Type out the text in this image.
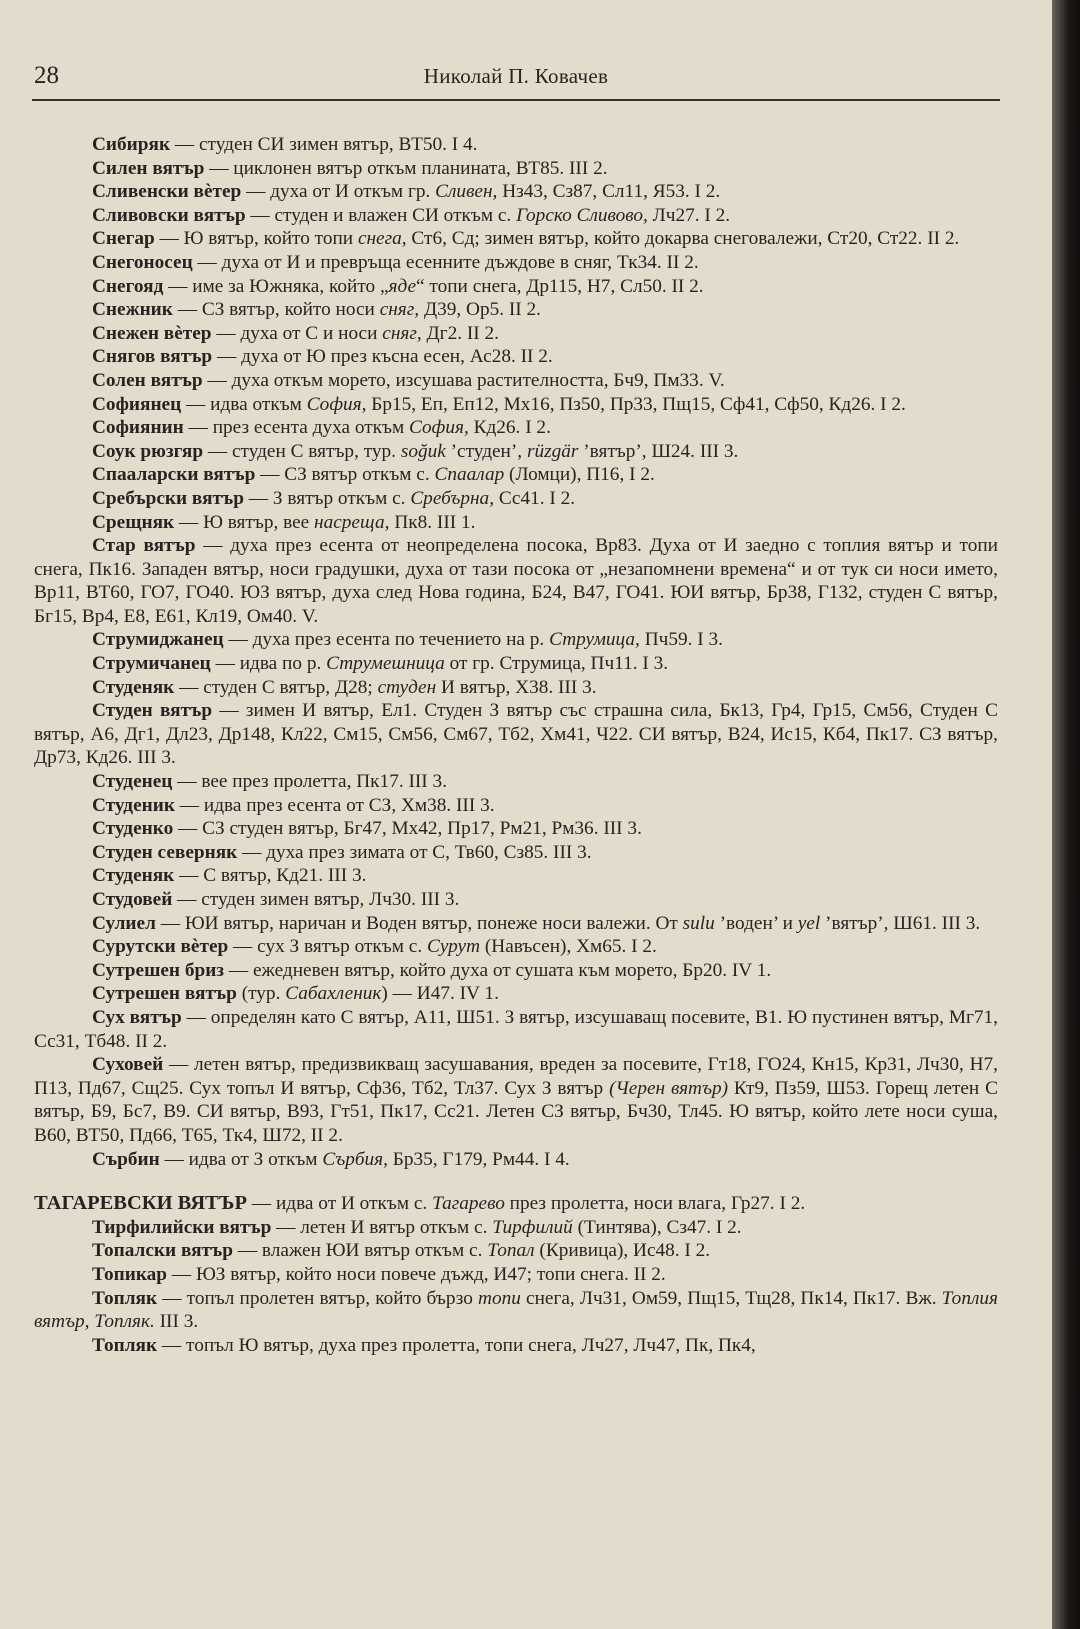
28	Николай П. Ковачев

Сибиряк — студен СИ зимен вятър, ВТ50. I 4.

Силен вятър — циклонен вятър откъм планината, ВТ85. III 2.

Сливенски вѐтер — духа от И откъм гр. Сливен, Нз43, Сз87, Сл11, Я53. I 2.

Сливовски вятър — студен и влажен СИ откъм с. Горско Сливово, Лч27. I 2.

Снегар — Ю вятър, който топи снега, Ст6, Сд; зимен вятър, който докарва снеговалежи, Ст20, Ст22. II 2.

Снегоносец — духа от И и превръща есенните дъждове в сняг, Тк34. II 2.

Снегояд — име за Южняка, който „яде“ топи снега, Др115, Н7, Сл50. II 2.

Снежник — СЗ вятър, който носи сняг, Д39, Ор5. II 2.

Снежен вѐтер — духа от С и носи сняг, Дг2. II 2.

Снягов вятър — духа от Ю през късна есен, Ас28. II 2.

Солен вятър — духа откъм морето, изсушава растителността, Бч9, Пм33. V.

Софиянец — идва откъм София, Бр15, Еп, Еп12, Мх16, Пз50, Пр33, Пщ15, Сф41, Сф50, Кд26. I 2.

Софиянин — през есента духа откъм София, Кд26. I 2.

Соук рюзгяр — студен С вятър, тур. soğuk ’студен’, rüzgär ’вятър’, Ш24. III 3.

Спааларски вятър — СЗ вятър откъм с. Спаалар (Ломци), П16, I 2.

Сребърски вятър — З вятър откъм с. Сребърна, Сс41. I 2.

Срещняк — Ю вятър, вее насреща, Пк8. III 1.

Стар вятър — духа през есента от неопределена посока, Вр83. Духа от И заедно с топлия вятър и топи снега, Пк16. Западен вятър, носи градушки, духа от тази посока от „незапомнени времена“ и от тук си носи името, Вр11, ВТ60, ГО7, ГО40. ЮЗ вятър, духа след Нова година, Б24, В47, ГО41. ЮИ вятър, Бр38, Г132, студен С вятър, Бг15, Вр4, Е8, Е61, Кл19, Ом40. V.

Струмиджанец — духа през есента по течението на р. Струмица, Пч59. I 3.

Струмичанец — идва по р. Струмешница от гр. Струмица, Пч11. I 3.

Студеняк — студен С вятър, Д28; студен И вятър, Х38. III 3.

Студен вятър — зимен И вятър, Ел1. Студен З вятър със страшна сила, Бк13, Гр4, Гр15, См56, Студен С вятър, А6, Дг1, Дл23, Др148, Кл22, См15, См56, См67, Тб2, Хм41, Ч22. СИ вятър, В24, Ис15, Кб4, Пк17. СЗ вятър, Др73, Кд26. III 3.

Студенец — вее през пролетта, Пк17. III 3.

Студеник — идва през есента от СЗ, Хм38. III 3.

Студенко — СЗ студен вятър, Бг47, Мх42, Пр17, Рм21, Рм36. III 3.

Студен северняк — духа през зимата от С, Тв60, Сз85. III 3.

Студеняк — С вятър, Кд21. III 3.

Студовей — студен зимен вятър, Лч30. III 3.

Сулиел — ЮИ вятър, наричан и Воден вятър, понеже носи валежи. От sulu ’воден’ и yel ’вятър’, Ш61. III 3.

Сурутски вѐтер — сух З вятър откъм с. Сурут (Навъсен), Хм65. I 2.

Сутрешен бриз — ежедневен вятър, който духа от сушата към морето, Бр20. IV 1.

Сутрешен вятър (тур. Сабахленик) — И47. IV 1.

Сух вятър — определян като С вятър, А11, Ш51. З вятър, изсушаващ посевите, В1. Ю пустинен вятър, Мг71, Сс31, Тб48. II 2.

Суховей — летен вятър, предизвикващ засушавания, вреден за посевите, Гт18, ГО24, Кн15, Кр31, Лч30, Н7, П13, Пд67, Сщ25. Сух топъл И вятър, Сф36, Тб2, Тл37. Сух З вятър (Черен вятър) Кт9, Пз59, Ш53. Горещ летен С вятър, Б9, Бс7, В9. СИ вятър, В93, Гт51, Пк17, Сс21. Летен СЗ вятър, Бч30, Тл45. Ю вятър, който лете носи суша, В60, ВТ50, Пд66, Т65, Тк4, Ш72, II 2.

Сърбин — идва от З откъм Сърбия, Бр35, Г179, Рм44. I 4.

ТАГАРЕВСКИ ВЯТЪР — идва от И откъм с. Тагарево през пролетта, носи влага, Гр27. I 2.

Тирфилийски вятър — летен И вятър откъм с. Тирфилий (Тинтява), Сз47. I 2.

Топалски вятър — влажен ЮИ вятър откъм с. Топал (Кривица), Ис48. I 2.

Топикар — ЮЗ вятър, който носи повече дъжд, И47; топи снега. II 2.

Топляк — топъл пролетен вятър, който бързо топи снега, Лч31, Ом59, Пщ15, Тщ28, Пк14, Пк17. Вж. Топлия вятър, Топляк. III 3.

Топляк — топъл Ю вятър, духа през пролетта, топи снега, Лч27, Лч47, Пк, Пк4,
